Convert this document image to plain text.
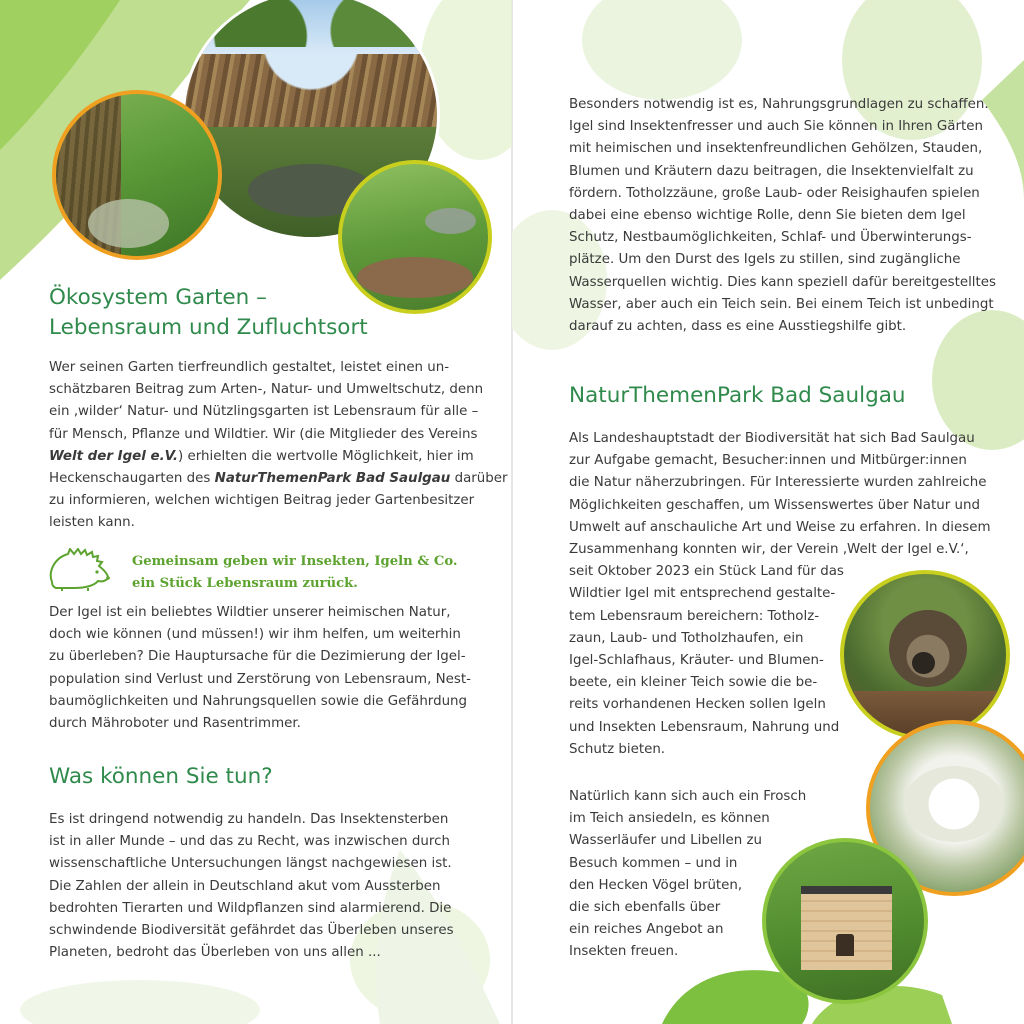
Ökosystem Garten –
Lebensraum und Zufluchtsort
Wer seinen Garten tierfreundlich gestaltet, leistet einen un-
schätzbaren Beitrag zum Arten-, Natur- und Umweltschutz, denn
ein ‚wilder‘ Natur- und Nützlingsgarten ist Lebensraum für alle –
für Mensch, Pflanze und Wildtier. Wir (die Mitglieder des Vereins
Welt der Igel e.V.) erhielten die wertvolle Möglichkeit, hier im
Heckenschaugarten des NaturThemenPark Bad Saulgau darüber
zu informieren, welchen wichtigen Beitrag jeder Gartenbesitzer
leisten kann.
Gemeinsam geben wir Insekten, Igeln & Co.
ein Stück Lebensraum zurück.
Der Igel ist ein beliebtes Wildtier unserer heimischen Natur,
doch wie können (und müssen!) wir ihm helfen, um weiterhin
zu überleben? Die Hauptursache für die Dezimierung der Igel-
population sind Verlust und Zerstörung von Lebensraum, Nest-
baumöglichkeiten und Nahrungsquellen sowie die Gefährdung
durch Mähroboter und Rasentrimmer.
Was können Sie tun?
Es ist dringend notwendig zu handeln. Das Insektensterben
ist in aller Munde – und das zu Recht, was inzwischen durch
wissenschaftliche Untersuchungen längst nachgewiesen ist.
Die Zahlen der allein in Deutschland akut vom Aussterben
bedrohten Tierarten und Wildpflanzen sind alarmierend. Die
schwindende Biodiversität gefährdet das Überleben unseres
Planeten, bedroht das Überleben von uns allen ...
Besonders notwendig ist es, Nahrungsgrundlagen zu schaffen.
Igel sind Insektenfresser und auch Sie können in Ihren Gärten
mit heimischen und insektenfreundlichen Gehölzen, Stauden,
Blumen und Kräutern dazu beitragen, die Insektenvielfalt zu
fördern. Totholzzäune, große Laub- oder Reisighaufen spielen
dabei eine ebenso wichtige Rolle, denn Sie bieten dem Igel
Schutz, Nestbaumöglichkeiten, Schlaf- und Überwinterungs-
plätze. Um den Durst des Igels zu stillen, sind zugängliche
Wasserquellen wichtig. Dies kann speziell dafür bereitgestelltes
Wasser, aber auch ein Teich sein. Bei einem Teich ist unbedingt
darauf zu achten, dass es eine Ausstiegshilfe gibt.
NaturThemenPark Bad Saulgau
Als Landeshauptstadt der Biodiversität hat sich Bad Saulgau
zur Aufgabe gemacht, Besucher:innen und Mitbürger:innen
die Natur näherzubringen. Für Interessierte wurden zahlreiche
Möglichkeiten geschaffen, um Wissenswertes über Natur und
Umwelt auf anschauliche Art und Weise zu erfahren. In diesem
Zusammenhang konnten wir, der Verein ‚Welt der Igel e.V.‘,
seit Oktober 2023 ein Stück Land für das
Wildtier Igel mit entsprechend gestalte-
tem Lebensraum bereichern: Totholz-
zaun, Laub- und Totholzhaufen, ein
Igel-Schlafhaus, Kräuter- und Blumen-
beete, ein kleiner Teich sowie die be-
reits vorhandenen Hecken sollen Igeln
und Insekten Lebensraum, Nahrung und
Schutz bieten.
Natürlich kann sich auch ein Frosch
im Teich ansiedeln, es können
Wasserläufer und Libellen zu
Besuch kommen – und in
den Hecken Vögel brüten,
die sich ebenfalls über
ein reiches Angebot an
Insekten freuen.
